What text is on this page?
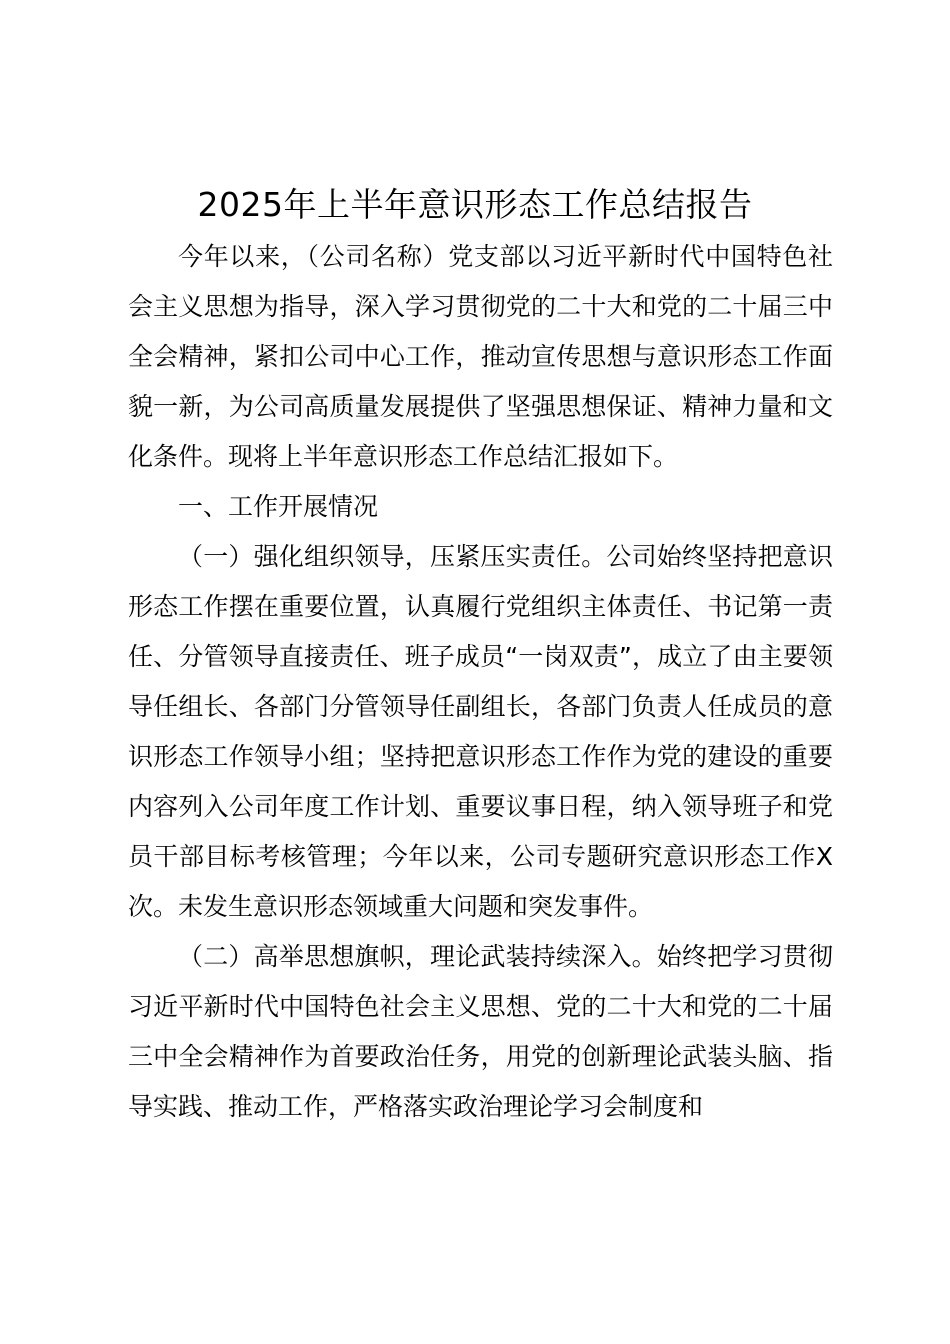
2025年上半年意识形态工作总结报告

今年以来，（公司名称）党支部以习近平新时代中国特色社会主义思想为指导，深入学习贯彻党的二十大和党的二十届三中全会精神，紧扣公司中心工作，推动宣传思想与意识形态工作面貌一新，为公司高质量发展提供了坚强思想保证、精神力量和文化条件。现将上半年意识形态工作总结汇报如下。

一、工作开展情况

（一）强化组织领导，压紧压实责任。公司始终坚持把意识形态工作摆在重要位置，认真履行党组织主体责任、书记第一责任、分管领导直接责任、班子成员“一岗双责”，成立了由主要领导任组长、各部门分管领导任副组长，各部门负责人任成员的意识形态工作领导小组；坚持把意识形态工作作为党的建设的重要内容列入公司年度工作计划、重要议事日程，纳入领导班子和党员干部目标考核管理；今年以来，公司专题研究意识形态工作X次。未发生意识形态领域重大问题和突发事件。

（二）高举思想旗帜，理论武装持续深入。始终把学习贯彻习近平新时代中国特色社会主义思想、党的二十大和党的二十届三中全会精神作为首要政治任务，用党的创新理论武装头脑、指导实践、推动工作，严格落实政治理论学习会制度和
